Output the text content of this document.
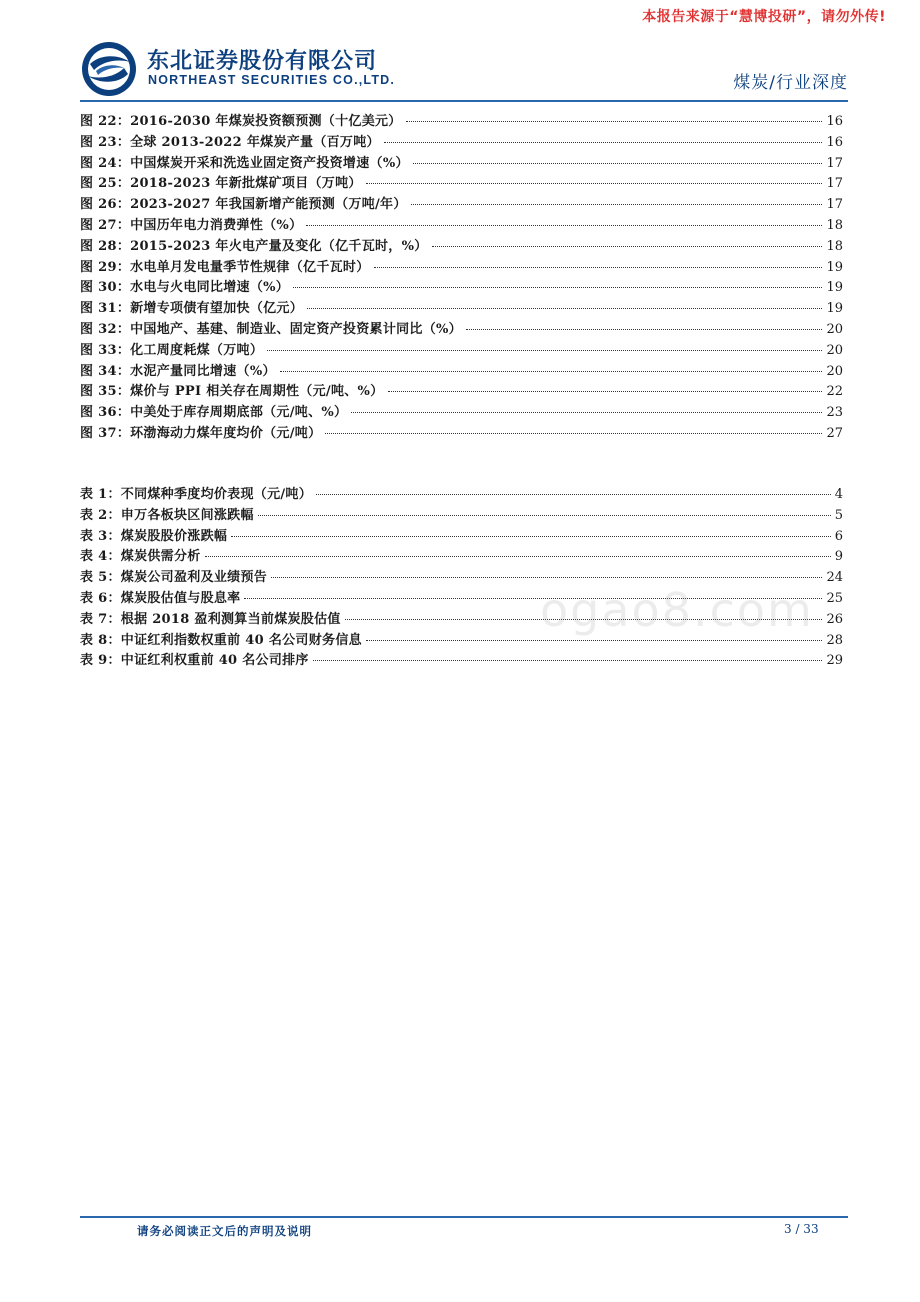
本报告来源于“慧博投研”，请勿外传!
东北证券股份有限公司
NORTHEAST SECURITIES CO.,LTD.	煤炭/行业深度
图 22：2016-2030 年煤炭投资额预测（十亿美元）	16
图 23：全球 2013-2022 年煤炭产量（百万吨）	16
图 24：中国煤炭开采和洗选业固定资产投资增速（%）	17
图 25：2018-2023 年新批煤矿项目（万吨）	17
图 26：2023-2027 年我国新增产能预测（万吨/年）	17
图 27：中国历年电力消费弹性（%）	18
图 28：2015-2023 年火电产量及变化（亿千瓦时，%）	18
图 29：水电单月发电量季节性规律（亿千瓦时）	19
图 30：水电与火电同比增速（%）	19
图 31：新增专项债有望加快（亿元）	19
图 32：中国地产、基建、制造业、固定资产投资累计同比（%）	20
图 33：化工周度耗煤（万吨）	20
图 34：水泥产量同比增速（%）	20
图 35：煤价与 PPI 相关存在周期性（元/吨、%）	22
图 36：中美处于库存周期底部（元/吨、%）	23
图 37：环渤海动力煤年度均价（元/吨）	27
表 1：不同煤种季度均价表现（元/吨）	4
表 2：申万各板块区间涨跌幅	5
表 3：煤炭股股价涨跌幅	6
表 4：煤炭供需分析	9
表 5：煤炭公司盈利及业绩预告	24
表 6：煤炭股估值与股息率	25
表 7：根据 2018 盈利测算当前煤炭股估值	26
表 8：中证红利指数权重前 40 名公司财务信息	28
表 9：中证红利权重前 40 名公司排序	29
ogao8.com
请务必阅读正文后的声明及说明	3 / 33
